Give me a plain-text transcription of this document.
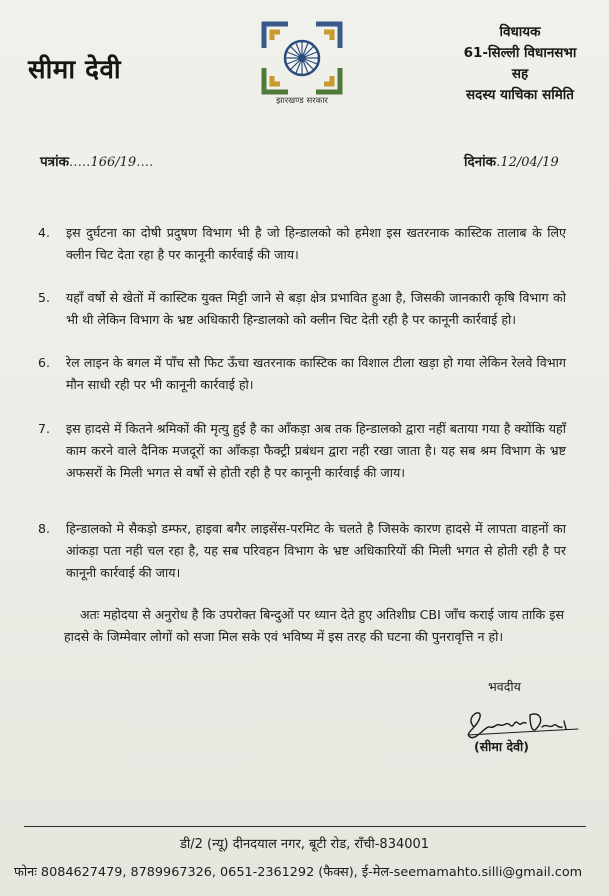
सीमा देवी
झारखण्ड सरकार
विधायक
61-सिल्ली विधानसभा
सह
सदस्य याचिका समिति
पत्रांक.....166/19....	दिनांक.12/04/19
4.	इस दुर्घटना का दोषी प्रदुषण विभाग भी है जो हिन्डालको को हमेशा इस खतरनाक कास्टिक तालाब के लिए क्लीन चिट देता रहा है पर कानूनी कार्रवाई की जाय।
5.	यहाँ वर्षो से खेतों में कास्टिक युक्त मिट्टी जाने से बड़ा क्षेत्र प्रभावित हुआ है, जिसकी जानकारी कृषि विभाग को भी थी लेकिन विभाग के भ्रष्ट अधिकारी हिन्डालको को क्लीन चिट देती रही है पर कानूनी कार्रवाई हो।
6.	रेल लाइन के बगल में पाँच सौ फिट ऊँचा खतरनाक कास्टिक का विशाल टीला खड़ा हो गया लेकिन रेलवे विभाग मौन साधी रही पर भी कानूनी कार्रवाई हो।
7.	इस हादसे में कितने श्रमिकों की मृत्यु हुई है का आँकड़ा अब तक हिन्डालको द्वारा नहीं बताया गया है क्योंकि यहाँ काम करने वाले दैनिक मजदूरों का आँकड़ा फैक्ट्री प्रबंधन द्वारा नही रखा जाता है। यह सब श्रम विभाग के भ्रष्ट अफसरों के मिली भगत से वर्षो से होती रही है पर कानूनी कार्रवाई की जाय।
8.	हिन्डालको मे सैकड़ो डम्फर, हाइवा बगैर लाइसेंस-परमिट के चलते है जिसके कारण हादसे में लापता वाहनों का आंकड़ा पता नही चल रहा है, यह सब परिवहन विभाग के भ्रष्ट अधिकारियों की मिली भगत से होती रही है पर कानूनी कार्रवाई की जाय।
अतः महोदया से अनुरोध है कि उपरोक्त बिन्दुओं पर ध्यान देते हुए अतिशीघ्र CBI जाँच कराई जाय ताकि इस हादसे के जिम्मेवार लोगों को सजा मिल सके एवं भविष्य में इस तरह की घटना की पुनरावृत्ति न हो।
भवदीय
(सीमा देवी)
डी/2 (न्यू) दीनदयाल नगर, बूटी रोड, राँची-834001
फोनः 8084627479, 8789967326, 0651-2361292 (फैक्स), ई-मेल-seemamahto.silli@gmail.com
